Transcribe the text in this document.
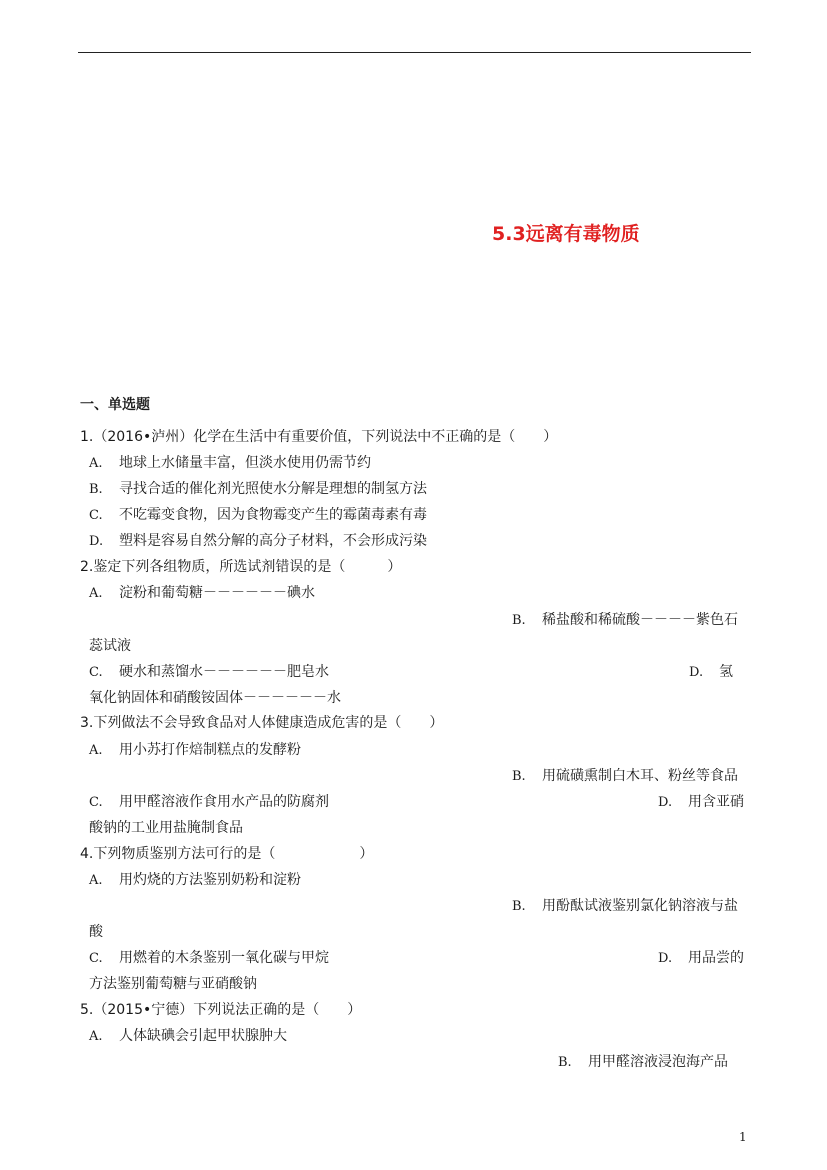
5.3远离有毒物质
一、单选题
1.（2016•泸州）化学在生活中有重要价值，下列说法中不正确的是（　　）
A. 地球上水储量丰富，但淡水使用仍需节约
B. 寻找合适的催化剂光照使水分解是理想的制氢方法
C. 不吃霉变食物，因为食物霉变产生的霉菌毒素有毒
D. 塑料是容易自然分解的高分子材料，不会形成污染
2.鉴定下列各组物质，所选试剂错误的是（　　　）
A. 淀粉和葡萄糖－－－－－－碘水
B. 稀盐酸和稀硫酸－－－－紫色石
蕊试液
C. 硬水和蒸馏水－－－－－－肥皂水	D. 氢
氧化钠固体和硝酸铵固体－－－－－－水
3.下列做法不会导致食品对人体健康造成危害的是（　　）
A. 用小苏打作焙制糕点的发酵粉
B. 用硫磺熏制白木耳、粉丝等食品
C. 用甲醛溶液作食用水产品的防腐剂	D. 用含亚硝
酸钠的工业用盐腌制食品
4.下列物质鉴别方法可行的是（　　　　　　）
A. 用灼烧的方法鉴别奶粉和淀粉
B. 用酚酞试液鉴别氯化钠溶液与盐
酸
C. 用燃着的木条鉴别一氧化碳与甲烷	D. 用品尝的
方法鉴别葡萄糖与亚硝酸钠
5.（2015•宁德）下列说法正确的是（　　）
A. 人体缺碘会引起甲状腺肿大
B. 用甲醛溶液浸泡海产品
1
